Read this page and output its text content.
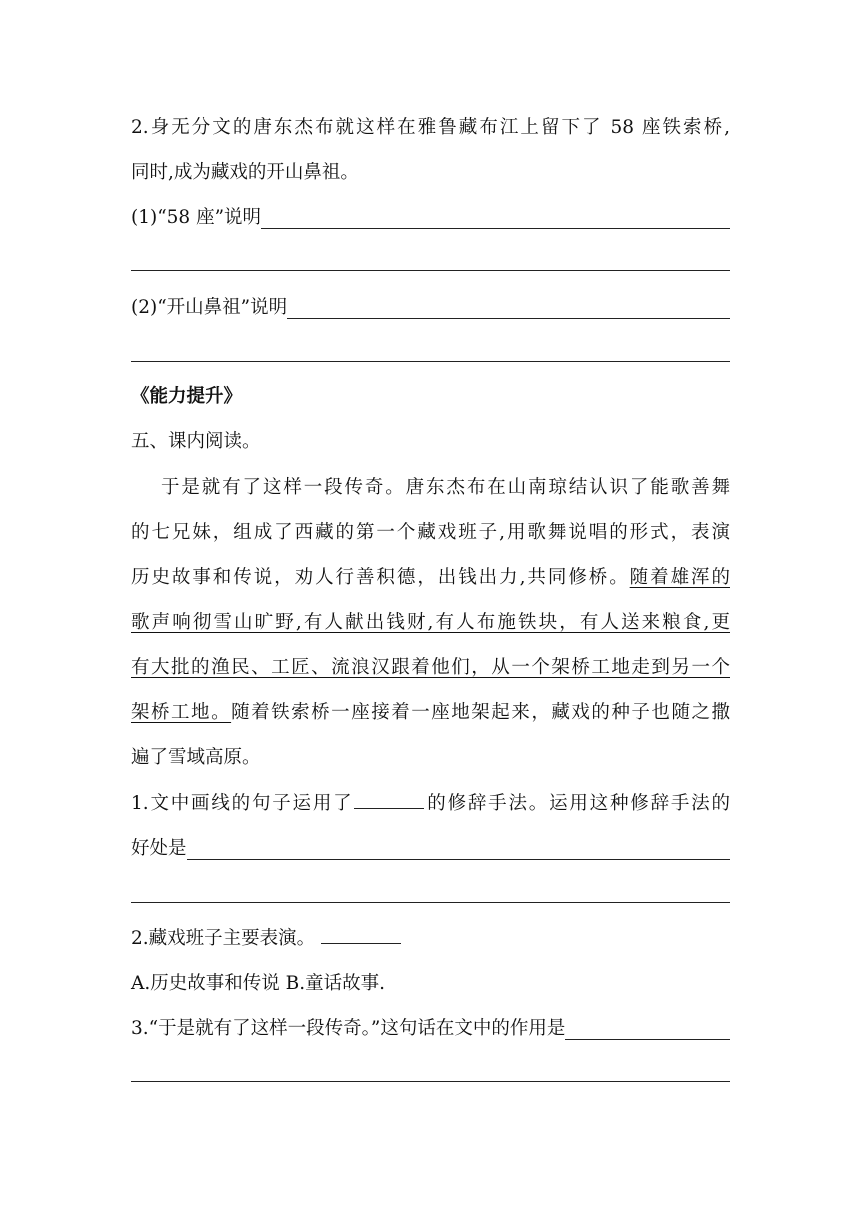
2.身无分文的唐东杰布就这样在雅鲁藏布江上留下了 58 座铁索桥,
同时,成为藏戏的开山鼻祖。
(1)“58 座”说明
(2)“开山鼻祖”说明
《能力提升》
五、课内阅读。
于是就有了这样一段传奇。唐东杰布在山南琼结认识了能歌善舞
的七兄妹，组成了西藏的第一个藏戏班子,用歌舞说唱的形式，表演
历史故事和传说，劝人行善积德，出钱出力,共同修桥。随着雄浑的
歌声响彻雪山旷野,有人献出钱财,有人布施铁块，有人送来粮食,更
有大批的渔民、工匠、流浪汉跟着他们，从一个架桥工地走到另一个
架桥工地。随着铁索桥一座接着一座地架起来，藏戏的种子也随之撒
遍了雪域高原。
1.文中画线的句子运用了	的修辞手法。运用这种修辞手法的
好处是
2.藏戏班子主要表演。
A.历史故事和传说 B.童话故事.
3.“于是就有了这样一段传奇。”这句话在文中的作用是
